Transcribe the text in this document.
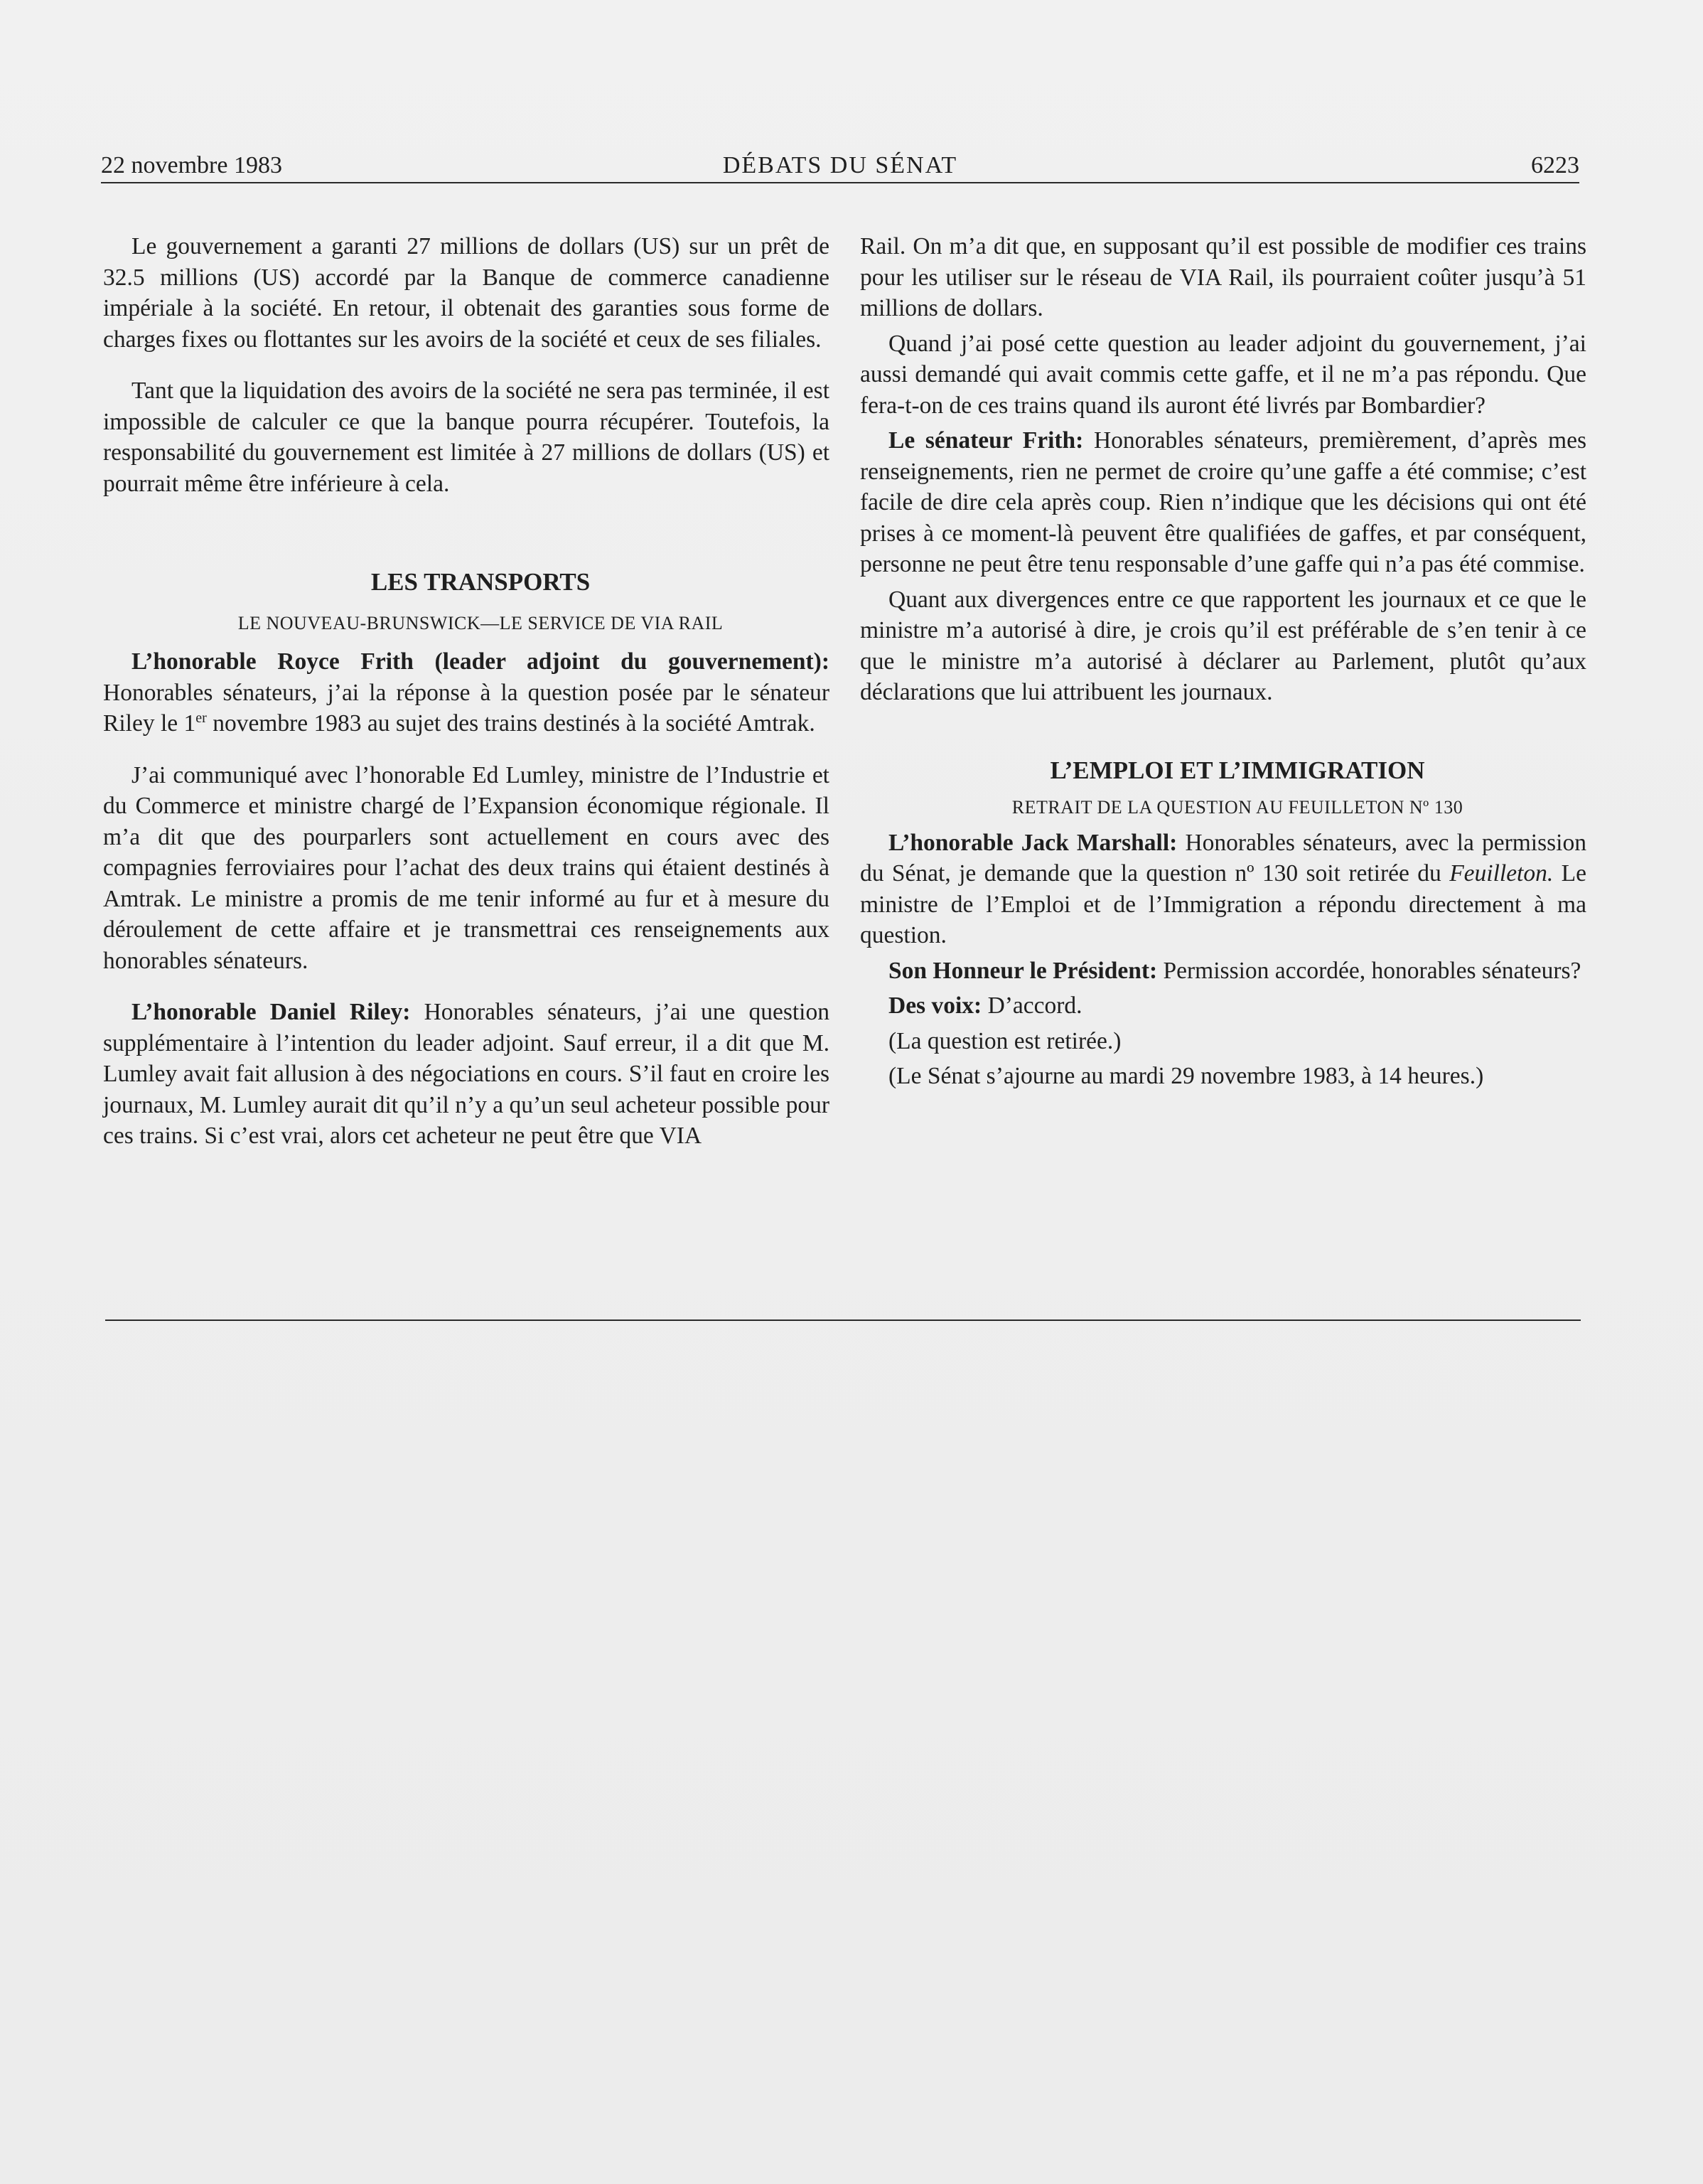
22 novembre 1983	DÉBATS DU SÉNAT	6223

Le gouvernement a garanti 27 millions de dollars (US) sur un prêt de 32.5 millions (US) accordé par la Banque de commerce canadienne impériale à la société. En retour, il obtenait des garanties sous forme de charges fixes ou flottantes sur les avoirs de la société et ceux de ses filiales.

Tant que la liquidation des avoirs de la société ne sera pas terminée, il est impossible de calculer ce que la banque pourra récupérer. Toutefois, la responsabilité du gouvernement est limitée à 27 millions de dollars (US) et pourrait même être inférieure à cela.

LES TRANSPORTS

LE NOUVEAU-BRUNSWICK—LE SERVICE DE VIA RAIL

L’honorable Royce Frith (leader adjoint du gouvernement): Honorables sénateurs, j’ai la réponse à la question posée par le sénateur Riley le 1er novembre 1983 au sujet des trains destinés à la société Amtrak.

J’ai communiqué avec l’honorable Ed Lumley, ministre de l’Industrie et du Commerce et ministre chargé de l’Expansion économique régionale. Il m’a dit que des pourparlers sont actuellement en cours avec des compagnies ferroviaires pour l’achat des deux trains qui étaient destinés à Amtrak. Le ministre a promis de me tenir informé au fur et à mesure du déroulement de cette affaire et je transmettrai ces renseignements aux honorables sénateurs.

L’honorable Daniel Riley: Honorables sénateurs, j’ai une question supplémentaire à l’intention du leader adjoint. Sauf erreur, il a dit que M. Lumley avait fait allusion à des négociations en cours. S’il faut en croire les journaux, M. Lumley aurait dit qu’il n’y a qu’un seul acheteur possible pour ces trains. Si c’est vrai, alors cet acheteur ne peut être que VIA

Rail. On m’a dit que, en supposant qu’il est possible de modifier ces trains pour les utiliser sur le réseau de VIA Rail, ils pourraient coûter jusqu’à 51 millions de dollars.

Quand j’ai posé cette question au leader adjoint du gouvernement, j’ai aussi demandé qui avait commis cette gaffe, et il ne m’a pas répondu. Que fera-t-on de ces trains quand ils auront été livrés par Bombardier?

Le sénateur Frith: Honorables sénateurs, premièrement, d’après mes renseignements, rien ne permet de croire qu’une gaffe a été commise; c’est facile de dire cela après coup. Rien n’indique que les décisions qui ont été prises à ce moment-là peuvent être qualifiées de gaffes, et par conséquent, personne ne peut être tenu responsable d’une gaffe qui n’a pas été commise.

Quant aux divergences entre ce que rapportent les journaux et ce que le ministre m’a autorisé à dire, je crois qu’il est préférable de s’en tenir à ce que le ministre m’a autorisé à déclarer au Parlement, plutôt qu’aux déclarations que lui attribuent les journaux.

L’EMPLOI ET L’IMMIGRATION

RETRAIT DE LA QUESTION AU FEUILLETON Nº 130

L’honorable Jack Marshall: Honorables sénateurs, avec la permission du Sénat, je demande que la question nº 130 soit retirée du Feuilleton. Le ministre de l’Emploi et de l’Immigration a répondu directement à ma question.

Son Honneur le Président: Permission accordée, honorables sénateurs?

Des voix: D’accord.

(La question est retirée.)

(Le Sénat s’ajourne au mardi 29 novembre 1983, à 14 heures.)
